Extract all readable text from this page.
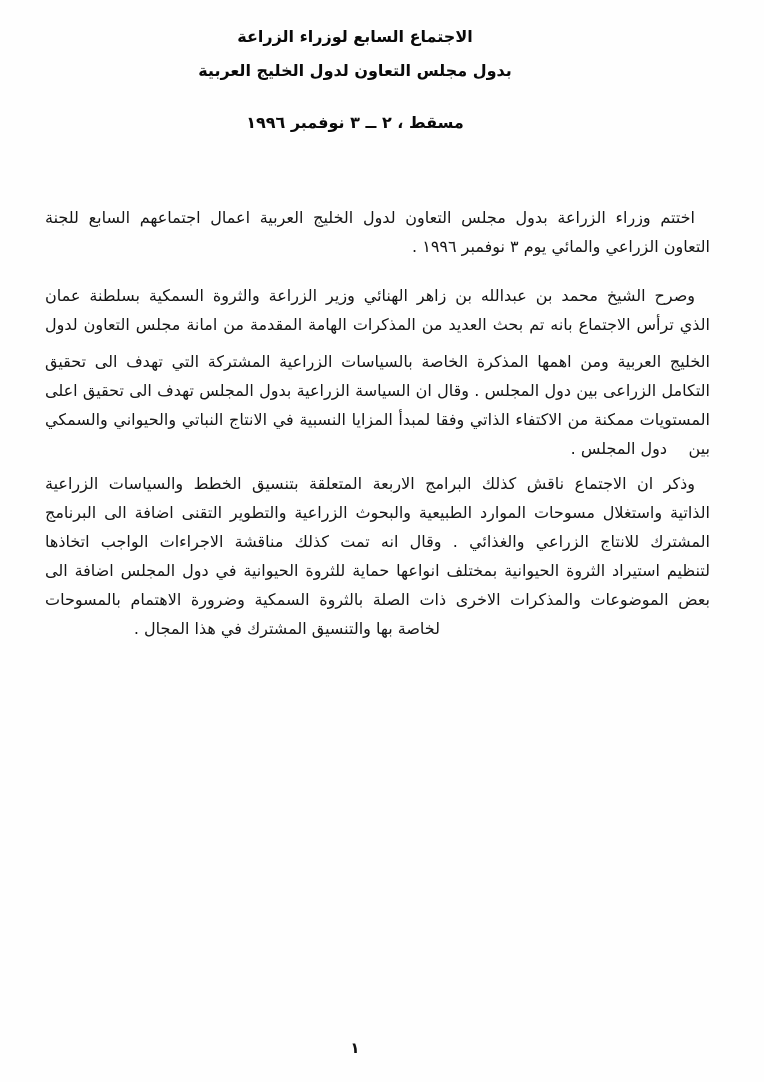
الاجتماع السابع لوزراء الزراعة
بدول مجلس التعاون لدول الخليج العربية
مسقط ، ٢ ــ ٣ نوفمبر ١٩٩٦
اختتم وزراء الزراعة بدول مجلس التعاون لدول الخليج العربية اعمال اجتماعهم السابع للجنة
التعاون الزراعي والمائي يوم ٣ نوفمبر ١٩٩٦ .
وصرح الشيخ محمد بن عبدالله بن زاهر الهنائي وزير الزراعة والثروة السمكية بسلطنة عمان
الذي ترأس الاجتماع بانه تم بحث العديد من المذكرات الهامة المقدمة من امانة مجلس التعاون لدول
الخليج العربية ومن اهمها المذكرة الخاصة بالسياسات الزراعية المشتركة التي تهدف الى تحقيق
التكامل الزراعى بين دول المجلس . وقال ان السياسة الزراعية بدول المجلس تهدف الى تحقيق اعلى
المستويات ممكنة من الاكتفاء الذاتي وفقا لمبدأ المزايا النسبية في الانتاج النباتي والحيواني والسمكي بين
دول المجلس .
وذكر ان الاجتماع ناقش كذلك البرامج الاربعة المتعلقة بتنسيق الخطط والسياسات الزراعية
الذاتية واستغلال مسوحات الموارد الطبيعية والبحوث الزراعية والتطوير التقنى اضافة الى البرنامج
المشترك للانتاج الزراعي والغذائي . وقال انه تمت كذلك مناقشة الاجراءات الواجب اتخاذها
لتنظيم استيراد الثروة الحيوانية بمختلف انواعها حماية للثروة الحيوانية في دول المجلس اضافة الى
بعض الموضوعات والمذكرات الاخرى ذات الصلة بالثروة السمكية وضرورة الاهتمام بالمسوحات
لخاصة بها والتنسيق المشترك في هذا المجال .
١
